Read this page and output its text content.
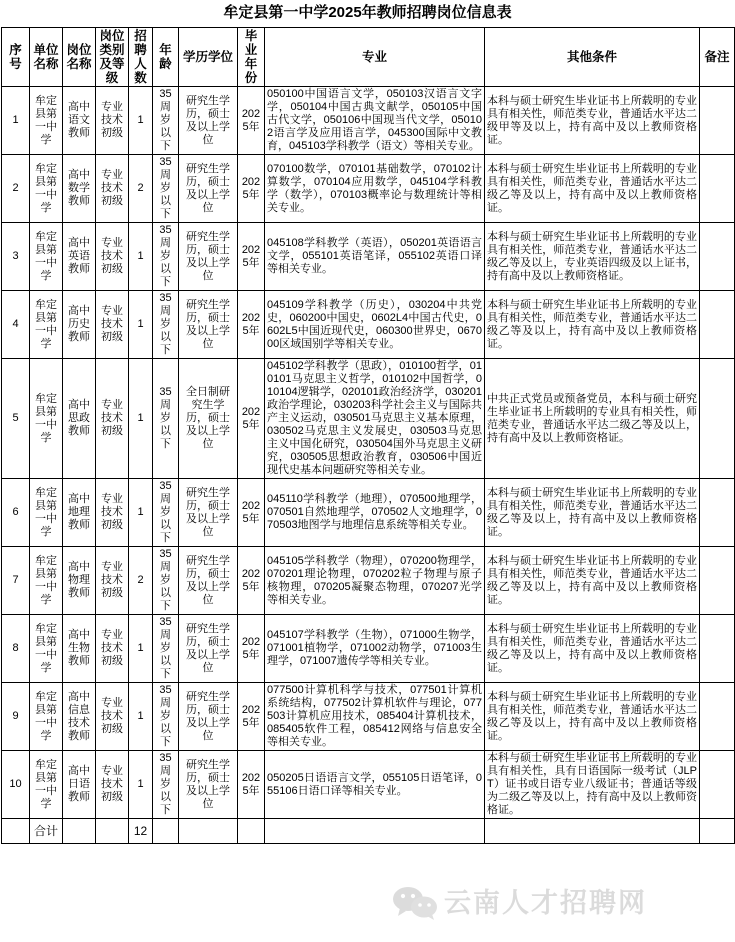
牟定县第一中学2025年教师招聘岗位信息表
序号	单位名称	岗位名称	岗位类别及等级	招聘人数	年龄	学历学位	毕业年份	专业	其他条件	备注

1	牟定县第一中学	高中语文教师	专业技术初级	1	35周岁以下	研究生学历，硕士及以上学位	2025年	050100中国语言文学，050103汉语言文字学，050104中国古典文献学，050105中国古代文学，050106中国现当代文学，050102语言学及应用语言学，045300国际中文教育，045103学科教学（语文）等相关专业。	本科与硕士研究生毕业证书上所载明的专业具有相关性，师范类专业，普通话水平达二级甲等及以上，持有高中及以上教师资格证。	
2	牟定县第一中学	高中数学教师	专业技术初级	2	35周岁以下	研究生学历，硕士及以上学位	2025年	070100数学，070101基础数学，070102计算数学，070104应用数学，045104学科教学（数学），070103概率论与数理统计等相关专业。	本科与硕士研究生毕业证书上所载明的专业具有相关性，师范类专业，普通话水平达二级乙等及以上，持有高中及以上教师资格证。	
3	牟定县第一中学	高中英语教师	专业技术初级	1	35周岁以下	研究生学历，硕士及以上学位	2025年	045108学科教学（英语），050201英语语言文学，055101英语笔译，055102英语口译等相关专业。	本科与硕士研究生毕业证书上所载明的专业具有相关性，师范类专业，普通话水平达二级乙等及以上，专业英语四级及以上证书，持有高中及以上教师资格证。	
4	牟定县第一中学	高中历史教师	专业技术初级	1	35周岁以下	研究生学历，硕士及以上学位	2025年	045109学科教学（历史），030204中共党史，060200中国史，0602L4中国古代史，0602L5中国近现代史，060300世界史，067000区域国别学等相关专业。	本科与硕士研究生毕业证书上所载明的专业具有相关性，师范类专业，普通话水平达二级乙等及以上，持有高中及以上教师资格证。	
5	牟定县第一中学	高中思政教师	专业技术初级	1	35周岁以下	全日制研究生学历，硕士及以上学位	2025年	045102学科教学（思政），010100哲学，010101马克思主义哲学，010102中国哲学，010104逻辑学，020101政治经济学，030201政治学理论，030203科学社会主义与国际共产主义运动，030501马克思主义基本原理，030502马克思主义发展史，030503马克思主义中国化研究，030504国外马克思主义研究，030505思想政治教育，030506中国近现代史基本问题研究等相关专业。	中共正式党员或预备党员，本科与硕士研究生毕业证书上所载明的专业具有相关性，师范类专业，普通话水平达二级乙等及以上，持有高中及以上教师资格证。	
6	牟定县第一中学	高中地理教师	专业技术初级	1	35周岁以下	研究生学历，硕士及以上学位	2025年	045110学科教学（地理），070500地理学，070501自然地理学，070502人文地理学，070503地图学与地理信息系统等相关专业。	本科与硕士研究生毕业证书上所载明的专业具有相关性，师范类专业，普通话水平达二级乙等及以上，持有高中及以上教师资格证。	
7	牟定县第一中学	高中物理教师	专业技术初级	2	35周岁以下	研究生学历，硕士及以上学位	2025年	045105学科教学（物理），070200物理学，070201理论物理，070202粒子物理与原子核物理，070205凝聚态物理，070207光学等相关专业。	本科与硕士研究生毕业证书上所载明的专业具有相关性，师范类专业，普通话水平达二级乙等及以上，持有高中及以上教师资格证。	
8	牟定县第一中学	高中生物教师	专业技术初级	1	35周岁以下	研究生学历，硕士及以上学位	2025年	045107学科教学（生物），071000生物学，071001植物学，071002动物学，071003生理学，071007遗传学等相关专业。	本科与硕士研究生毕业证书上所载明的专业具有相关性，师范类专业，普通话水平达二级乙等及以上，持有高中及以上教师资格证。	
9	牟定县第一中学	高中信息技术教师	专业技术初级	1	35周岁以下	研究生学历，硕士及以上学位	2025年	077500计算机科学与技术，077501计算机系统结构，077502计算机软件与理论，077503计算机应用技术，085404计算机技术，085405软件工程，085412网络与信息安全等相关专业。	本科与硕士研究生毕业证书上所载明的专业具有相关性，师范类专业，普通话水平达二级乙等及以上，持有高中及以上教师资格证。	
10	牟定县第一中学	高中日语教师	专业技术初级	1	35周岁以下	研究生学历，硕士及以上学位	2025年	050205日语语言文学，055105日语笔译，055106日语口译等相关专业。	本科与硕士研究生毕业证书上所载明的专业具有相关性，具有日语国际一级考试（JLPT）证书或日语专业八级证书；普通话等级为二级乙等及以上，持有高中及以上教师资格证。	
	合计			12						
云南人才招聘网
